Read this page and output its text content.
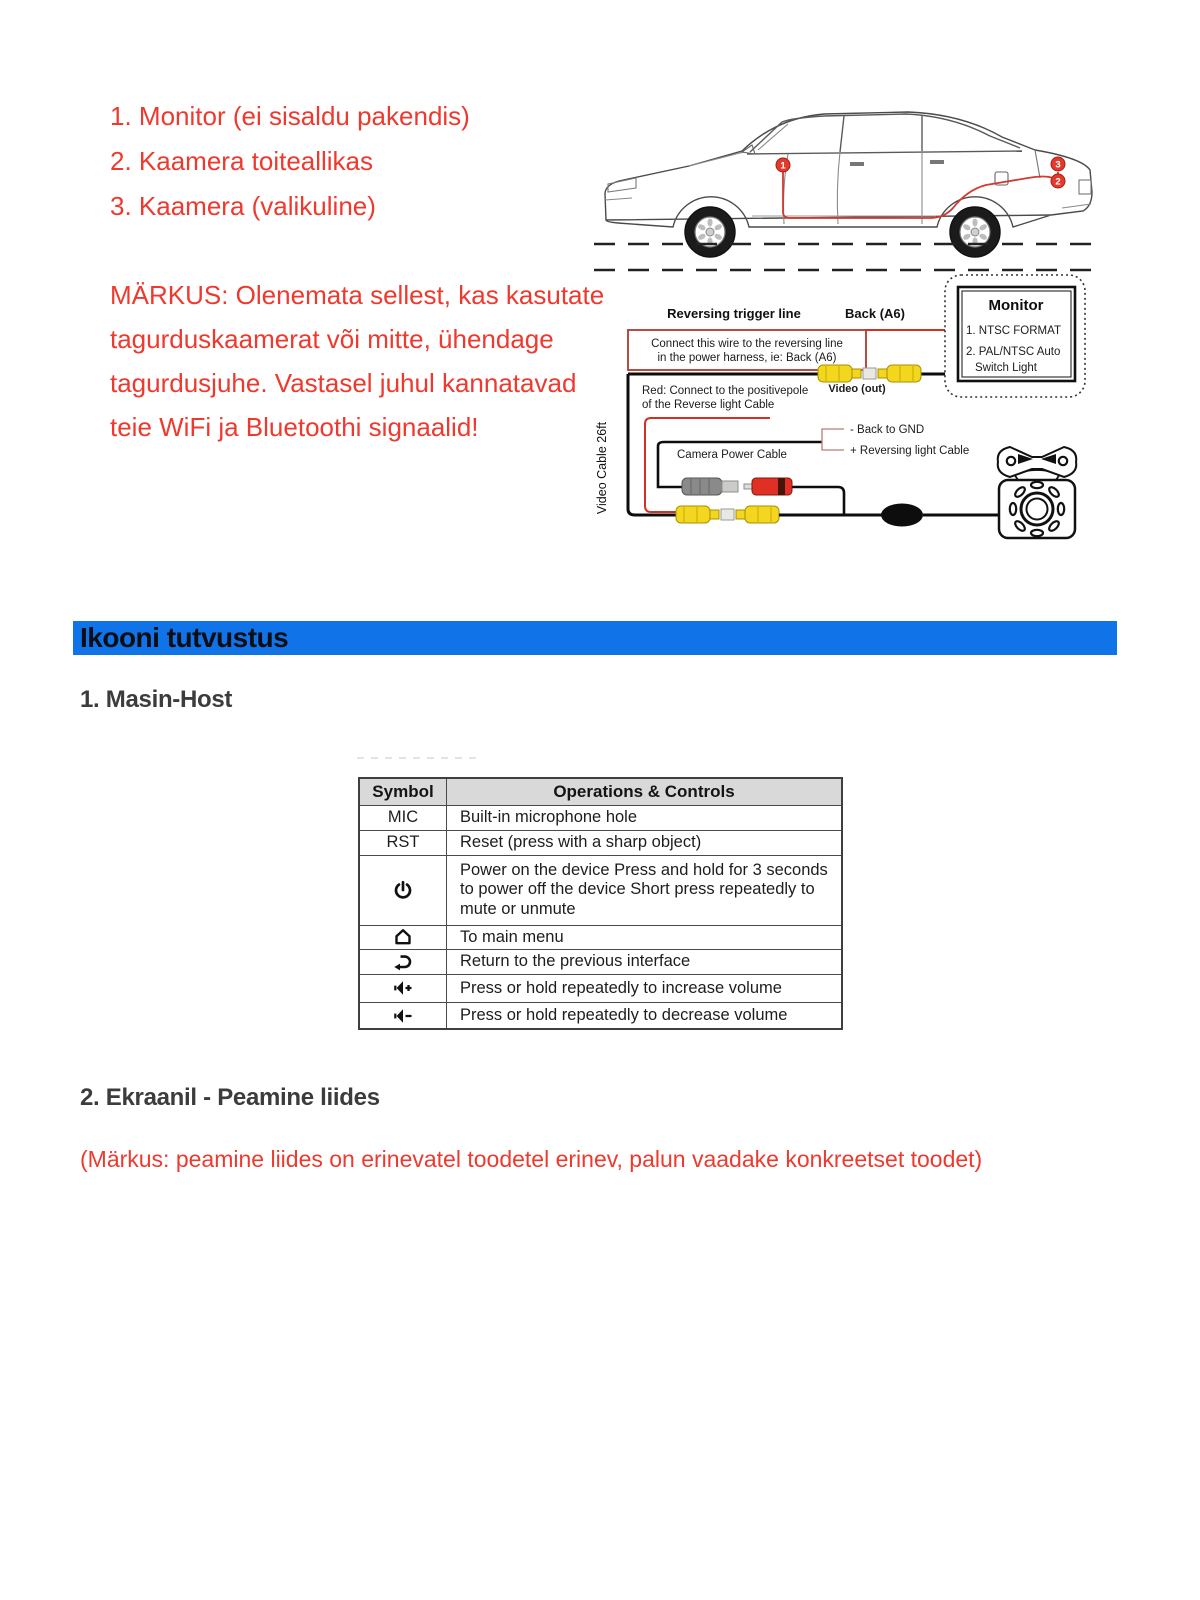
1. Monitor (ei sisaldu pakendis)
2. Kaamera toiteallikas
3. Kaamera (valikuline)
MÄRKUS: Olenemata sellest, kas kasutate
tagurduskaamerat või mitte, ühendage
tagurdusjuhe. Vastasel juhul kannatavad
teie WiFi ja Bluetoothi signaalid!
1	3
2
Reversing trigger line	Back (A6)
Connect this wire to the reversing line
in the power harness, ie: Back (A6)
Video (out)
Monitor
1. NTSC FORMAT
2. PAL/NTSC Auto
Switch Light
Red: Connect to the positivepole
of the Reverse light Cable
Video Cable 26ft	- Back to GND
+ Reversing light Cable
Camera Power Cable
Ikooni tutvustus
1. Masin-Host
Symbol	Operations & Controls
MIC	Built-in microphone hole
RST	Reset (press with a sharp object)
	Power on the device Press and hold for 3 seconds to power off the device Short press repeatedly to mute or unmute
	To main menu
	Return to the previous interface
	Press or hold repeatedly to increase volume
	Press or hold repeatedly to decrease volume
2. Ekraanil - Peamine liides
(Märkus: peamine liides on erinevatel toodetel erinev, palun vaadake konkreetset toodet)
